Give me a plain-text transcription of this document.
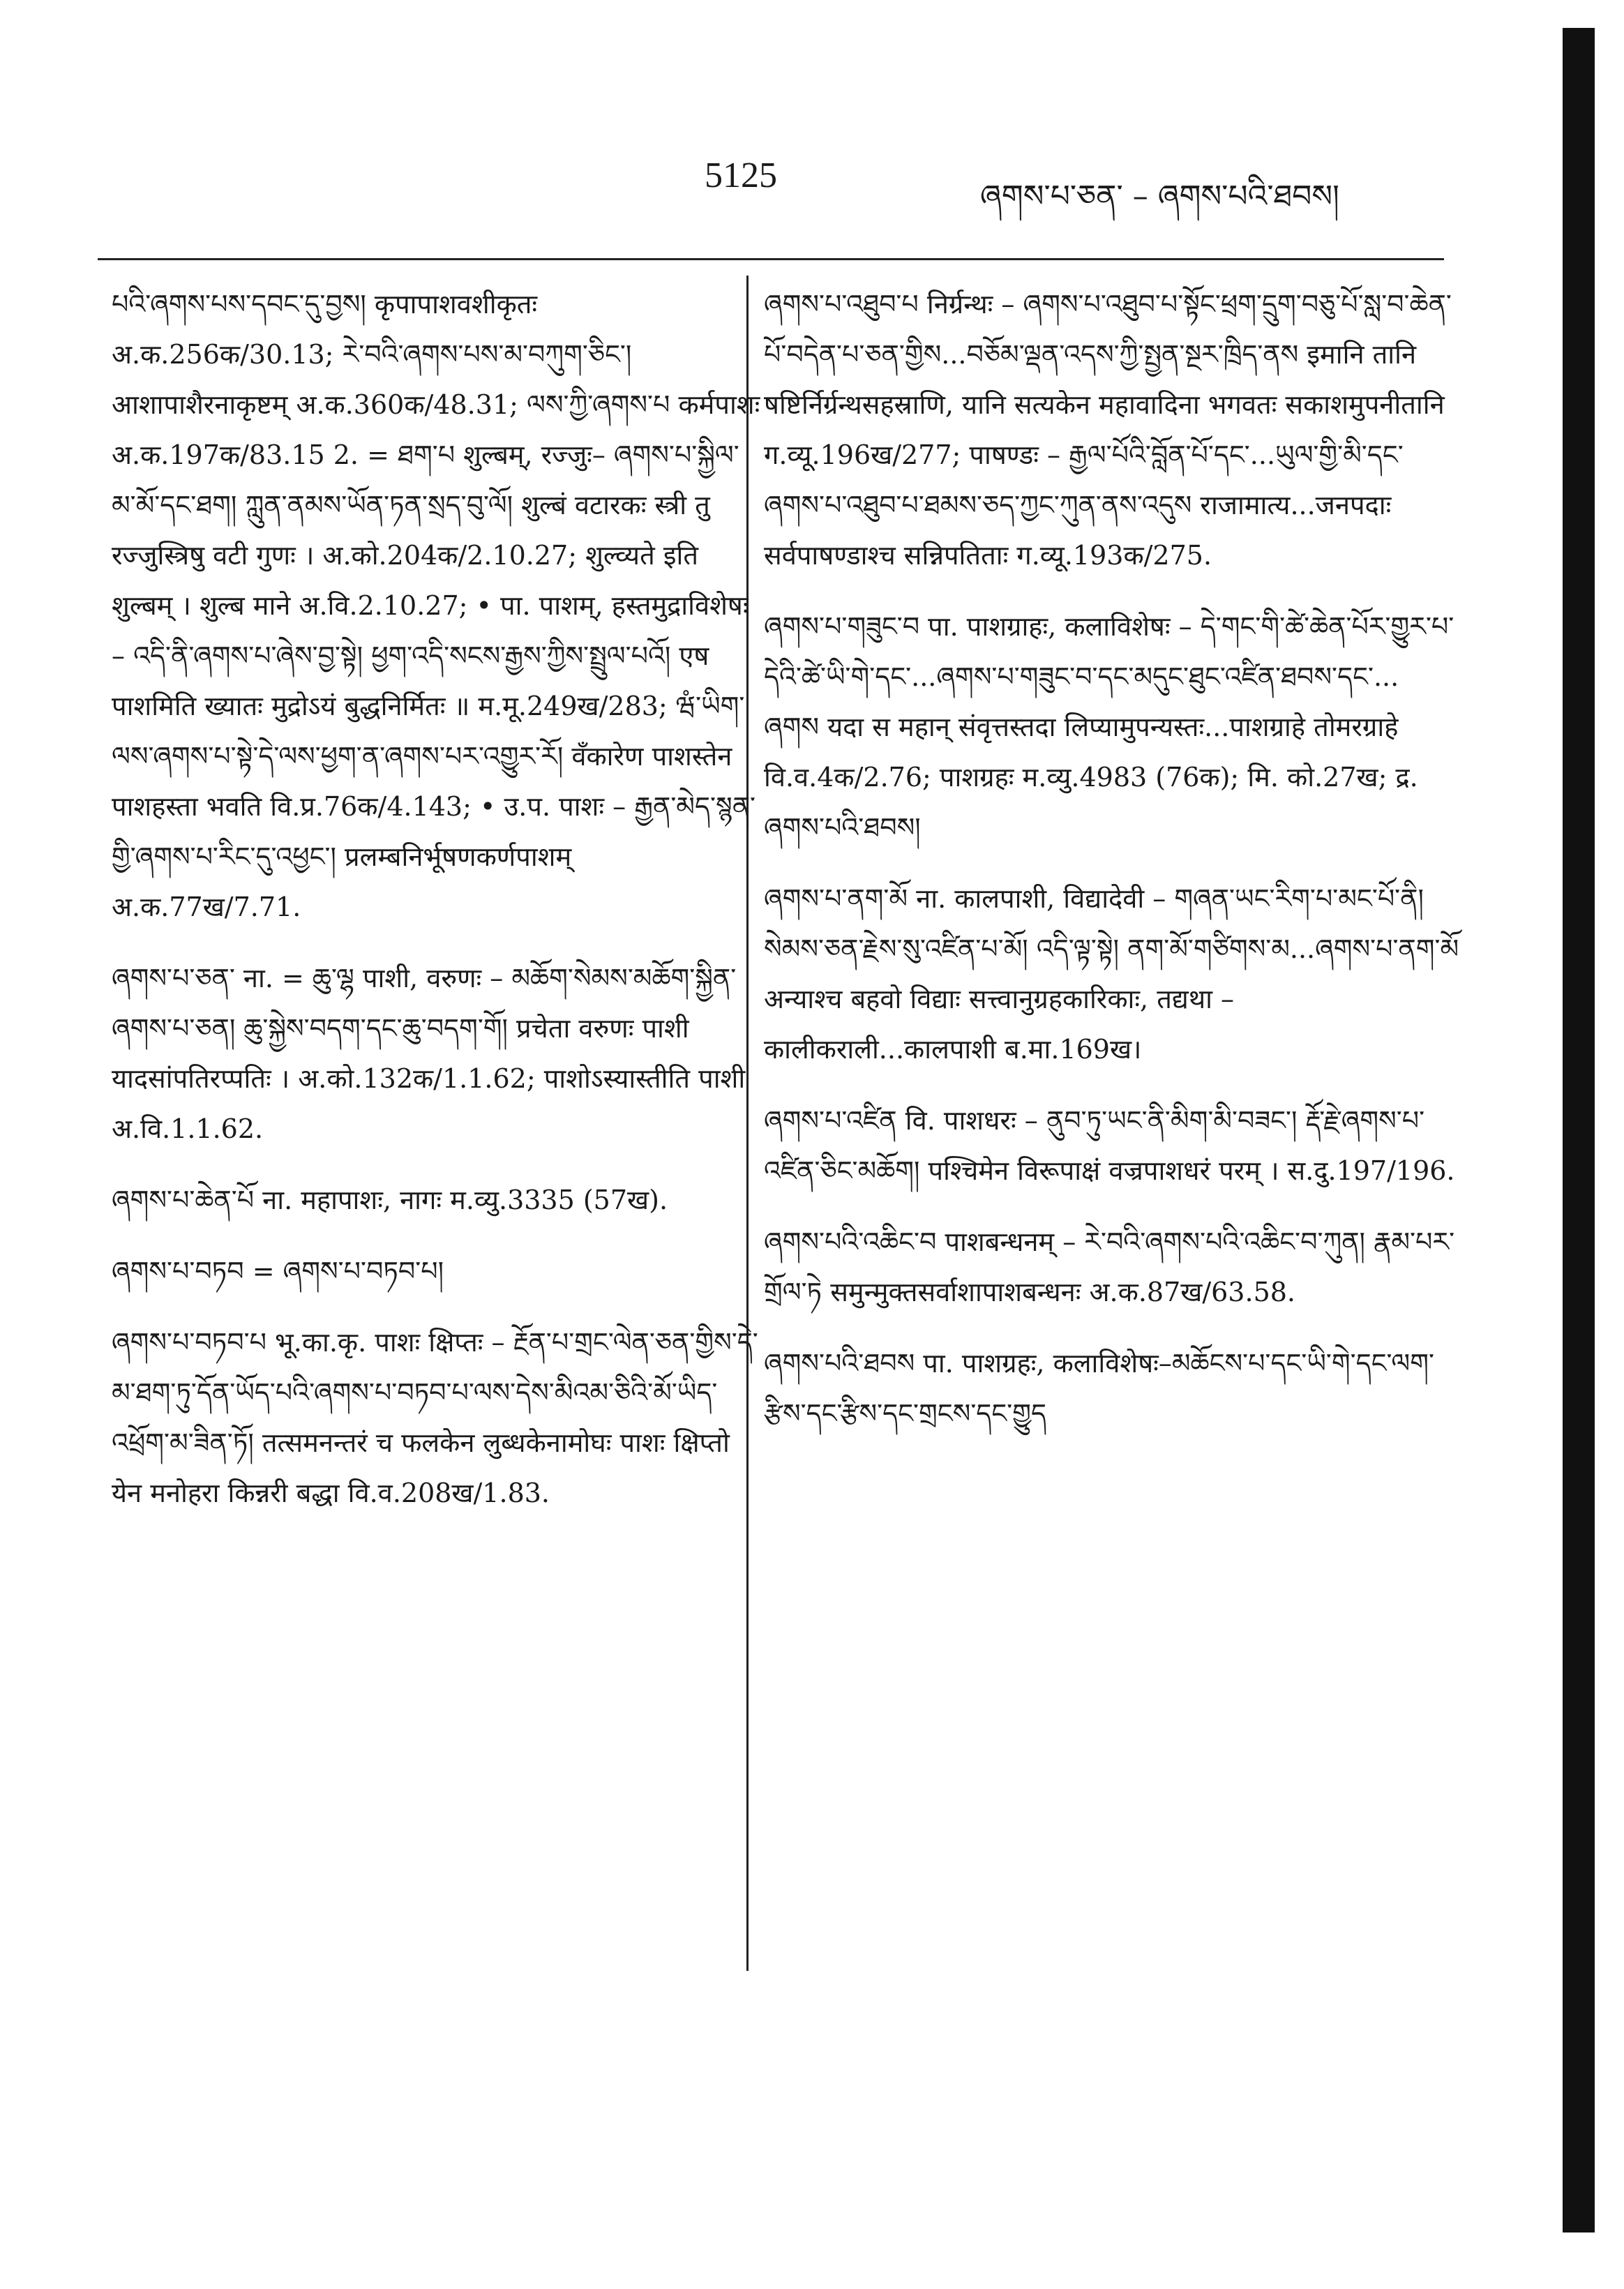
5125
ཞགས་པ་ཅན་ – ཞགས་པའི་ཐབས།

པའི་ཞགས་པས་དབང་དུ་བྱས། कृपापाशवशीकृतः अ.क.256क/30.13; རེ་བའི་ཞགས་པས་མ་བཀུག་ཅིང་། आशापाशैरनाकृष्टम् अ.क.360क/48.31; ལས་ཀྱི་ཞགས་པ कर्मपाशः अ.क.197क/83.15 2. = ཐག་པ शुल्बम्, रज्जुः– ཞགས་པ་སྐྱིལ་མ་མོ་དང་ཐག། ཀླུན་ནམས་ཡོན་ཏན་སྲད་བུ་ལོ། शुल्बं वटारकः स्त्री तु रज्जुस्त्रिषु वटी गुणः । अ.को.204क/2.10.27; शुल्व्यते इति शुल्बम् । शुल्ब माने अ.वि.2.10.27; • पा. पाशम्, हस्तमुद्राविशेषः – འདི་ནི་ཞགས་པ་ཞེས་བྱ་སྟེ། ཕྱག་འདི་སངས་རྒྱས་ཀྱིས་སྤྲུལ་པའོ། एष पाशमिति ख्यातः मुद्रोऽयं बुद्धनिर्मितः ॥ म.मू.249ख/283; ཝཾ་ཡིག་ལས་ཞགས་པ་སྟེ་དེ་ལས་ཕྱག་ན་ཞགས་པར་འགྱུར་རོ། वँकारेण पाशस्तेन पाशहस्ता भवति वि.प्र.76क/4.143; • उ.प. पाशः – རྒྱན་མེད་སྙན་གྱི་ཞགས་པ་རིང་དུ་འཕྱང་། प्रलम्बनिर्भूषणकर्णपाशम् अ.क.77ख/7.71.

ཞགས་པ་ཅན་ ना. = ཆུ་ལྷ पाशी, वरुणः – མཆོག་སེམས་མཆོག་སྐྱིན་ཞགས་པ་ཅན། ཆུ་སྐྱེས་བདག་དང་ཆུ་བདག་གོ། प्रचेता वरुणः पाशी यादसांपतिरप्पतिः । अ.को.132क/1.1.62; पाशोऽस्यास्तीति पाशी अ.वि.1.1.62.

ཞགས་པ་ཆེན་པོ ना. महापाशः, नागः म.व्यु.3335 (57ख).

ཞགས་པ་བཏབ = ཞགས་པ་བཏབ་པ།

ཞགས་པ་བཏབ་པ भू.का.कृ. पाशः क्षिप्तः – རྔོན་པ་གྲང་ལེན་ཅན་གྱིས་དེ་མ་ཐག་ཏུ་དོན་ཡོད་པའི་ཞགས་པ་བཏབ་པ་ལས་དེས་མིའམ་ཅིའི་མོ་ཡིད་འཕྲོག་མ་ཟིན་ཏོ། तत्समनन्तरं च फलकेन लुब्धकेनामोघः पाशः क्षिप्तो येन मनोहरा किन्नरी बद्धा वि.व.208ख/1.83.

ཞགས་པ་འཐུབ་པ निर्ग्रन्थः – ཞགས་པ་འཐུབ་པ་སྟོང་ཕྲག་དྲུག་བཅུ་པོ་སླ་བ་ཆེན་པོ་བདེན་པ་ཅན་གྱིས...བཅོམ་ལྡན་འདས་ཀྱི་སྤྱན་སྔར་ཁྲིད་ནས इमानि तानि षष्टिर्निर्ग्रन्थसहस्राणि, यानि सत्यकेन महावादिना भगवतः सकाशमुपनीतानि ग.व्यू.196ख/277; पाषण्डः – རྒྱལ་པོའི་བློན་པོ་དང་...ཡུལ་གྱི་མི་དང་ཞགས་པ་འཐུབ་པ་ཐམས་ཅད་ཀྱང་ཀུན་ནས་འདུས राजामात्य...जनपदाः सर्वपाषण्डाश्च सन्निपतिताः ग.व्यू.193क/275.

ཞགས་པ་གཟུང་བ पा. पाशग्राहः, कलाविशेषः – དེ་གང་གི་ཚེ་ཆེན་པོར་གྱུར་པ་དེའི་ཚེ་ཡི་གེ་དང་...ཞགས་པ་གཟུང་བ་དང་མདུང་ཐུང་འཛིན་ཐབས་དང་... ཞགས यदा स महान् संवृत्तस्तदा लिप्यामुपन्यस्तः...पाशग्राहे तोमरग्राहे वि.व.4क/2.76; पाशग्रहः म.व्यु.4983 (76क); मि. को.27ख; द्र. ཞགས་པའི་ཐབས།

ཞགས་པ་ནག་མོ ना. कालपाशी, विद्यादेवी – གཞན་ཡང་རིག་པ་མང་པོ་ནི། སེམས་ཅན་རྗེས་སུ་འཛིན་པ་མོ། འདི་ལྟ་སྟེ། ནག་མོ་གཙིགས་མ...ཞགས་པ་ནག་མོ अन्याश्च बहवो विद्याः सत्त्वानुग्रहकारिकाः, तद्यथा – कालीकराली...कालपाशी ब.मा.169ख।

ཞགས་པ་འཛིན वि. पाशधरः – ནུབ་ཏུ་ཡང་ནི་མིག་མི་བཟང་། རྡོ་རྗེ་ཞགས་པ་འཛིན་ཅིང་མཆོག། पश्चिमेन विरूपाक्षं वज्रपाशधरं परम् । स.दु.197/196.

ཞགས་པའི་འཆིང་བ पाशबन्धनम् – རེ་བའི་ཞགས་པའི་འཆིང་བ་ཀུན། རྣམ་པར་གྲོལ་ཏེ समुन्मुक्तसर्वाशापाशबन्धनः अ.क.87ख/63.58.

ཞགས་པའི་ཐབས पा. पाशग्रहः, कलाविशेषः–མཆོངས་པ་དང་ཡི་གེ་དང་ལག་རྩིས་དང་རྩིས་དང་གྲངས་དང་གྱུད
